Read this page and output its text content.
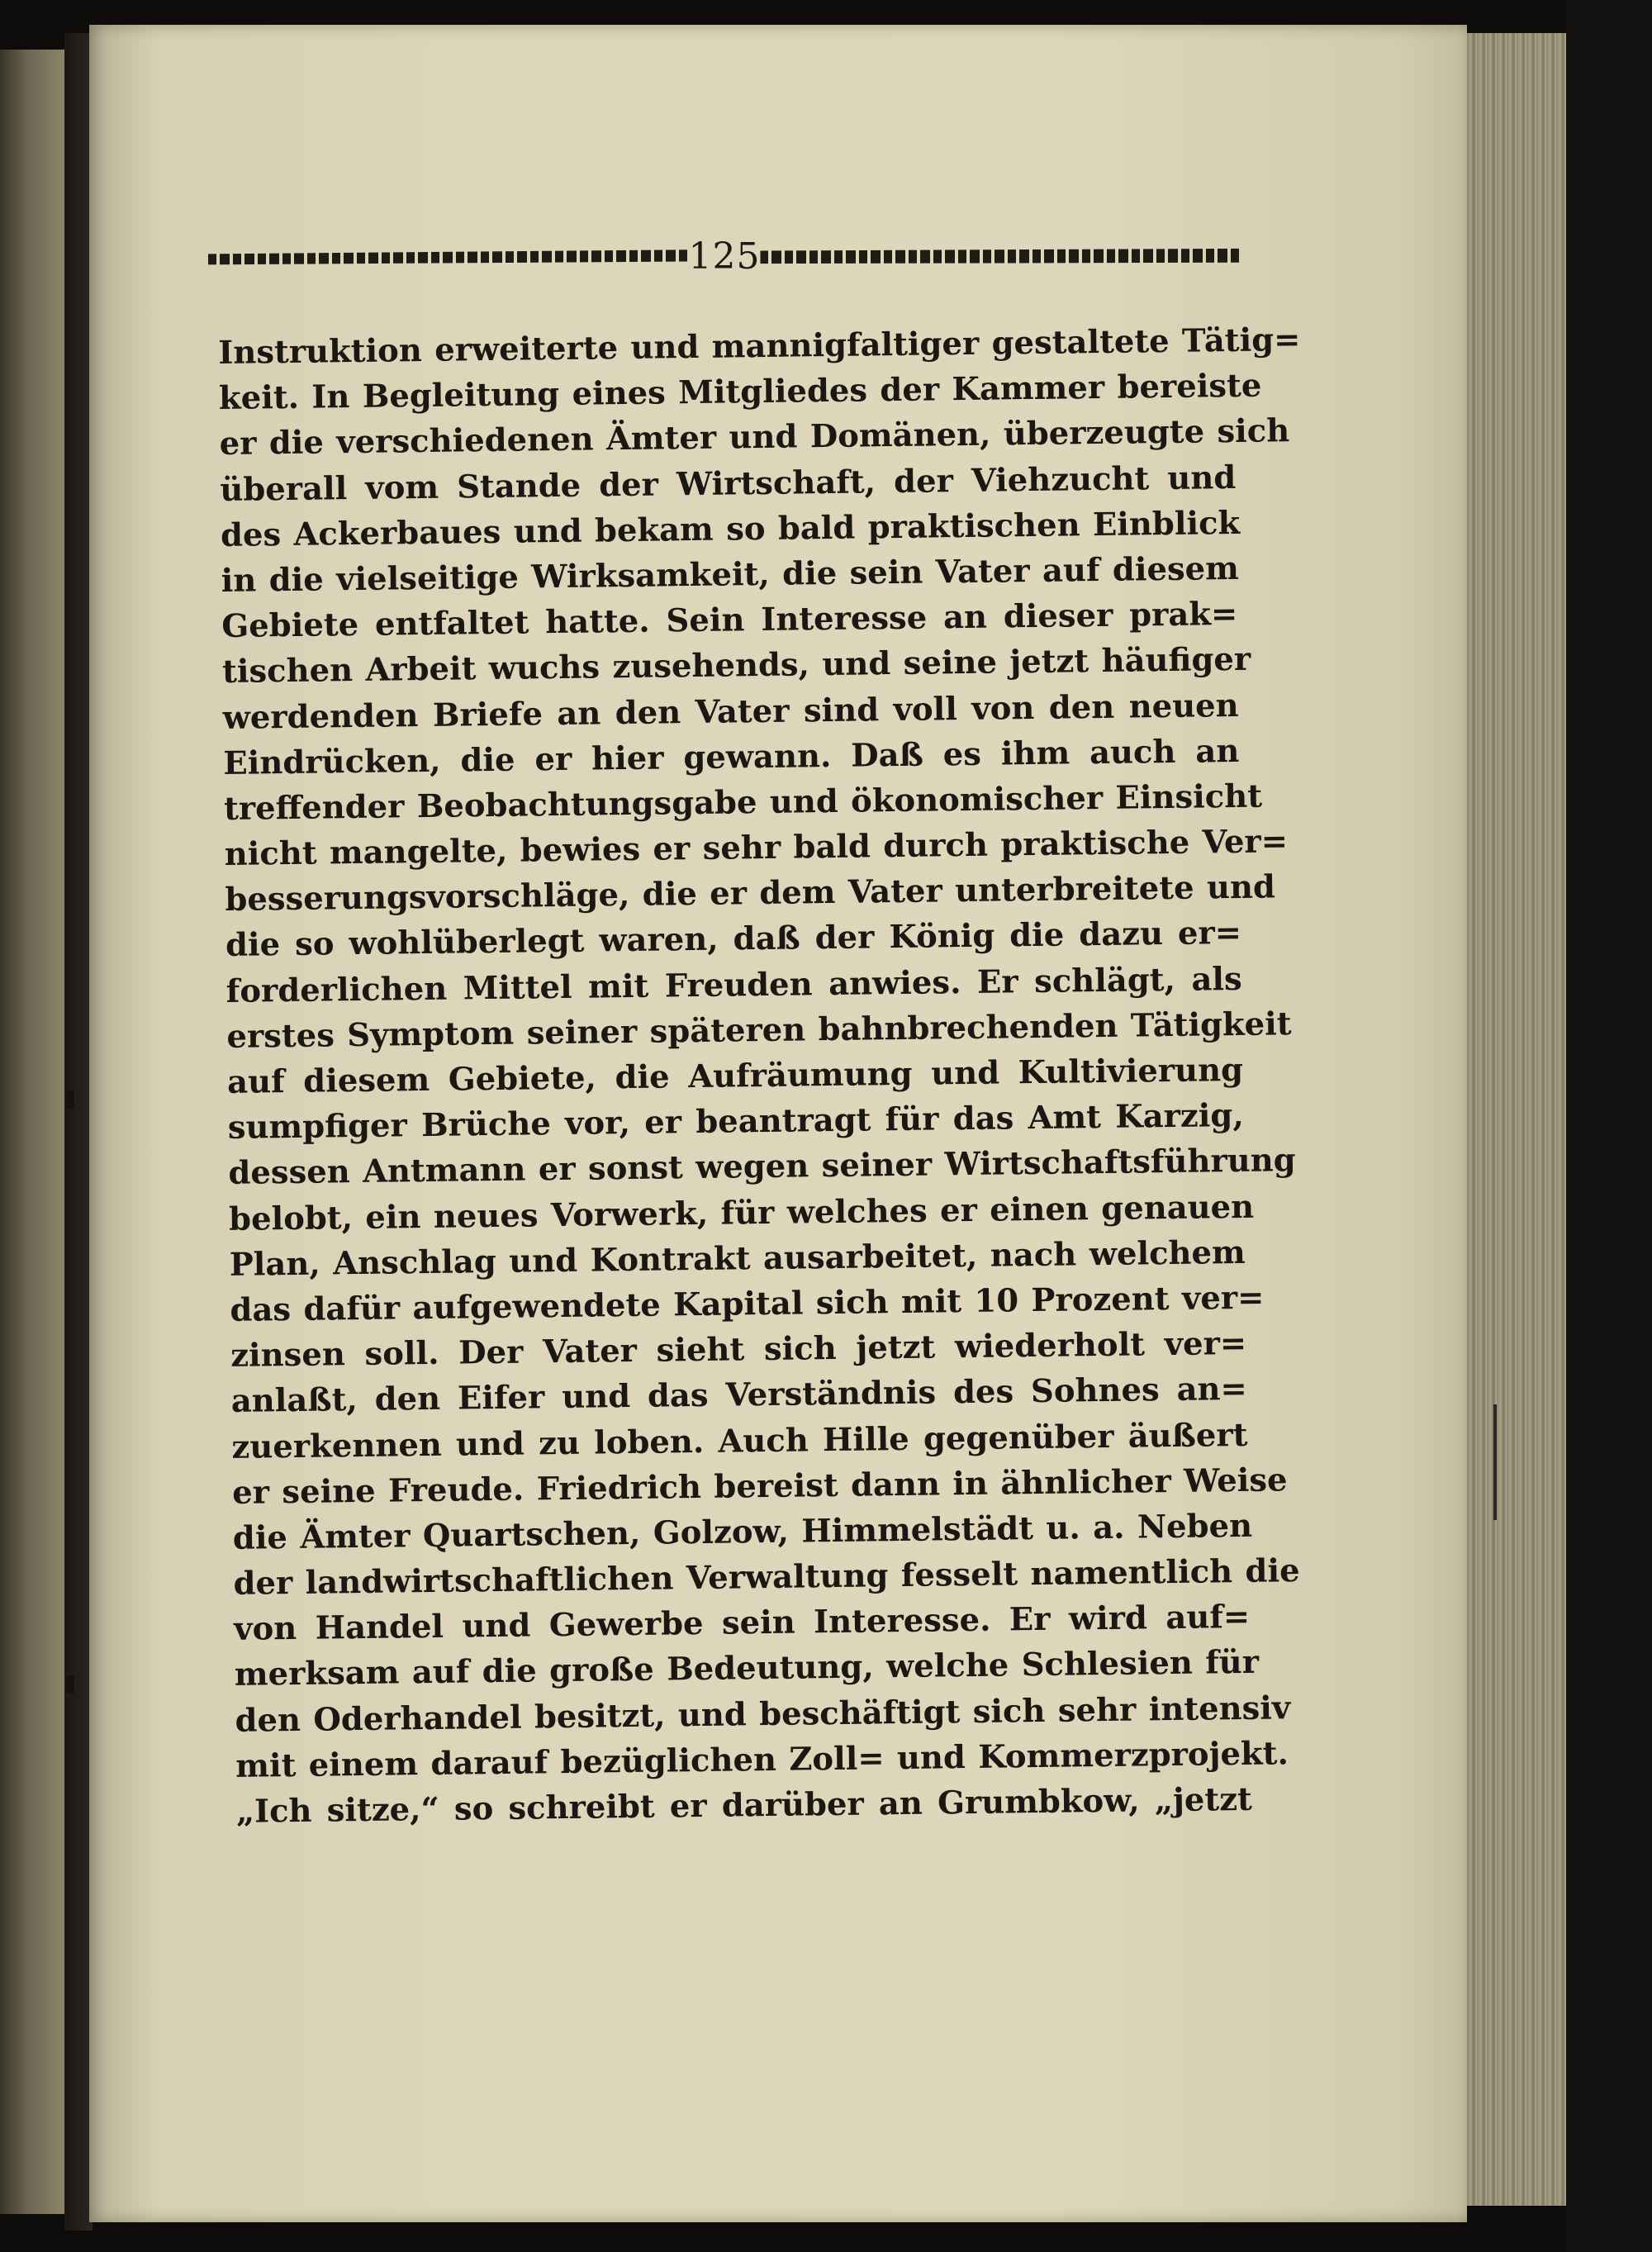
125
Instruktion erweiterte und mannigfaltiger gestaltete Tätig=
keit. In Begleitung eines Mitgliedes der Kammer bereiste
er die verschiedenen Ämter und Domänen, überzeugte sich
überall vom Stande der Wirtschaft, der Viehzucht und
des Ackerbaues und bekam so bald praktischen Einblick
in die vielseitige Wirksamkeit, die sein Vater auf diesem
Gebiete entfaltet hatte. Sein Interesse an dieser prak=
tischen Arbeit wuchs zusehends, und seine jetzt häufiger
werdenden Briefe an den Vater sind voll von den neuen
Eindrücken, die er hier gewann. Daß es ihm auch an
treffender Beobachtungsgabe und ökonomischer Einsicht
nicht mangelte, bewies er sehr bald durch praktische Ver=
besserungsvorschläge, die er dem Vater unterbreitete und
die so wohlüberlegt waren, daß der König die dazu er=
forderlichen Mittel mit Freuden anwies. Er schlägt, als
erstes Symptom seiner späteren bahnbrechenden Tätigkeit
auf diesem Gebiete, die Aufräumung und Kultivierung
sumpfiger Brüche vor, er beantragt für das Amt Karzig,
dessen Antmann er sonst wegen seiner Wirtschaftsführung
belobt, ein neues Vorwerk, für welches er einen genauen
Plan, Anschlag und Kontrakt ausarbeitet, nach welchem
das dafür aufgewendete Kapital sich mit 10 Prozent ver=
zinsen soll. Der Vater sieht sich jetzt wiederholt ver=
anlaßt, den Eifer und das Verständnis des Sohnes an=
zuerkennen und zu loben. Auch Hille gegenüber äußert
er seine Freude. Friedrich bereist dann in ähnlicher Weise
die Ämter Quartschen, Golzow, Himmelstädt u. a. Neben
der landwirtschaftlichen Verwaltung fesselt namentlich die
von Handel und Gewerbe sein Interesse. Er wird auf=
merksam auf die große Bedeutung, welche Schlesien für
den Oderhandel besitzt, und beschäftigt sich sehr intensiv
mit einem darauf bezüglichen Zoll= und Kommerzprojekt.
„Ich sitze,“ so schreibt er darüber an Grumbkow, „jetzt
